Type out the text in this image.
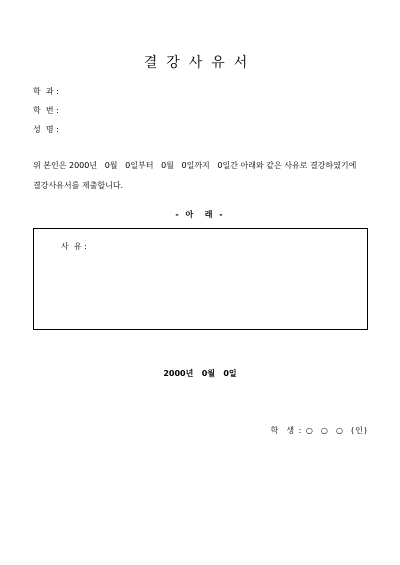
결강사유서
학  과 :
학  번 :
성  명 :
위 본인은 2000년   0월   0일부터   0월   0일까지   0일간 아래와 같은 사유로 결강하였기에
결강사유서를 제출합니다.
- 아  래 -
사  유 :
2000년   0월   0일
학  생 : ○  ○  ○  (인)
